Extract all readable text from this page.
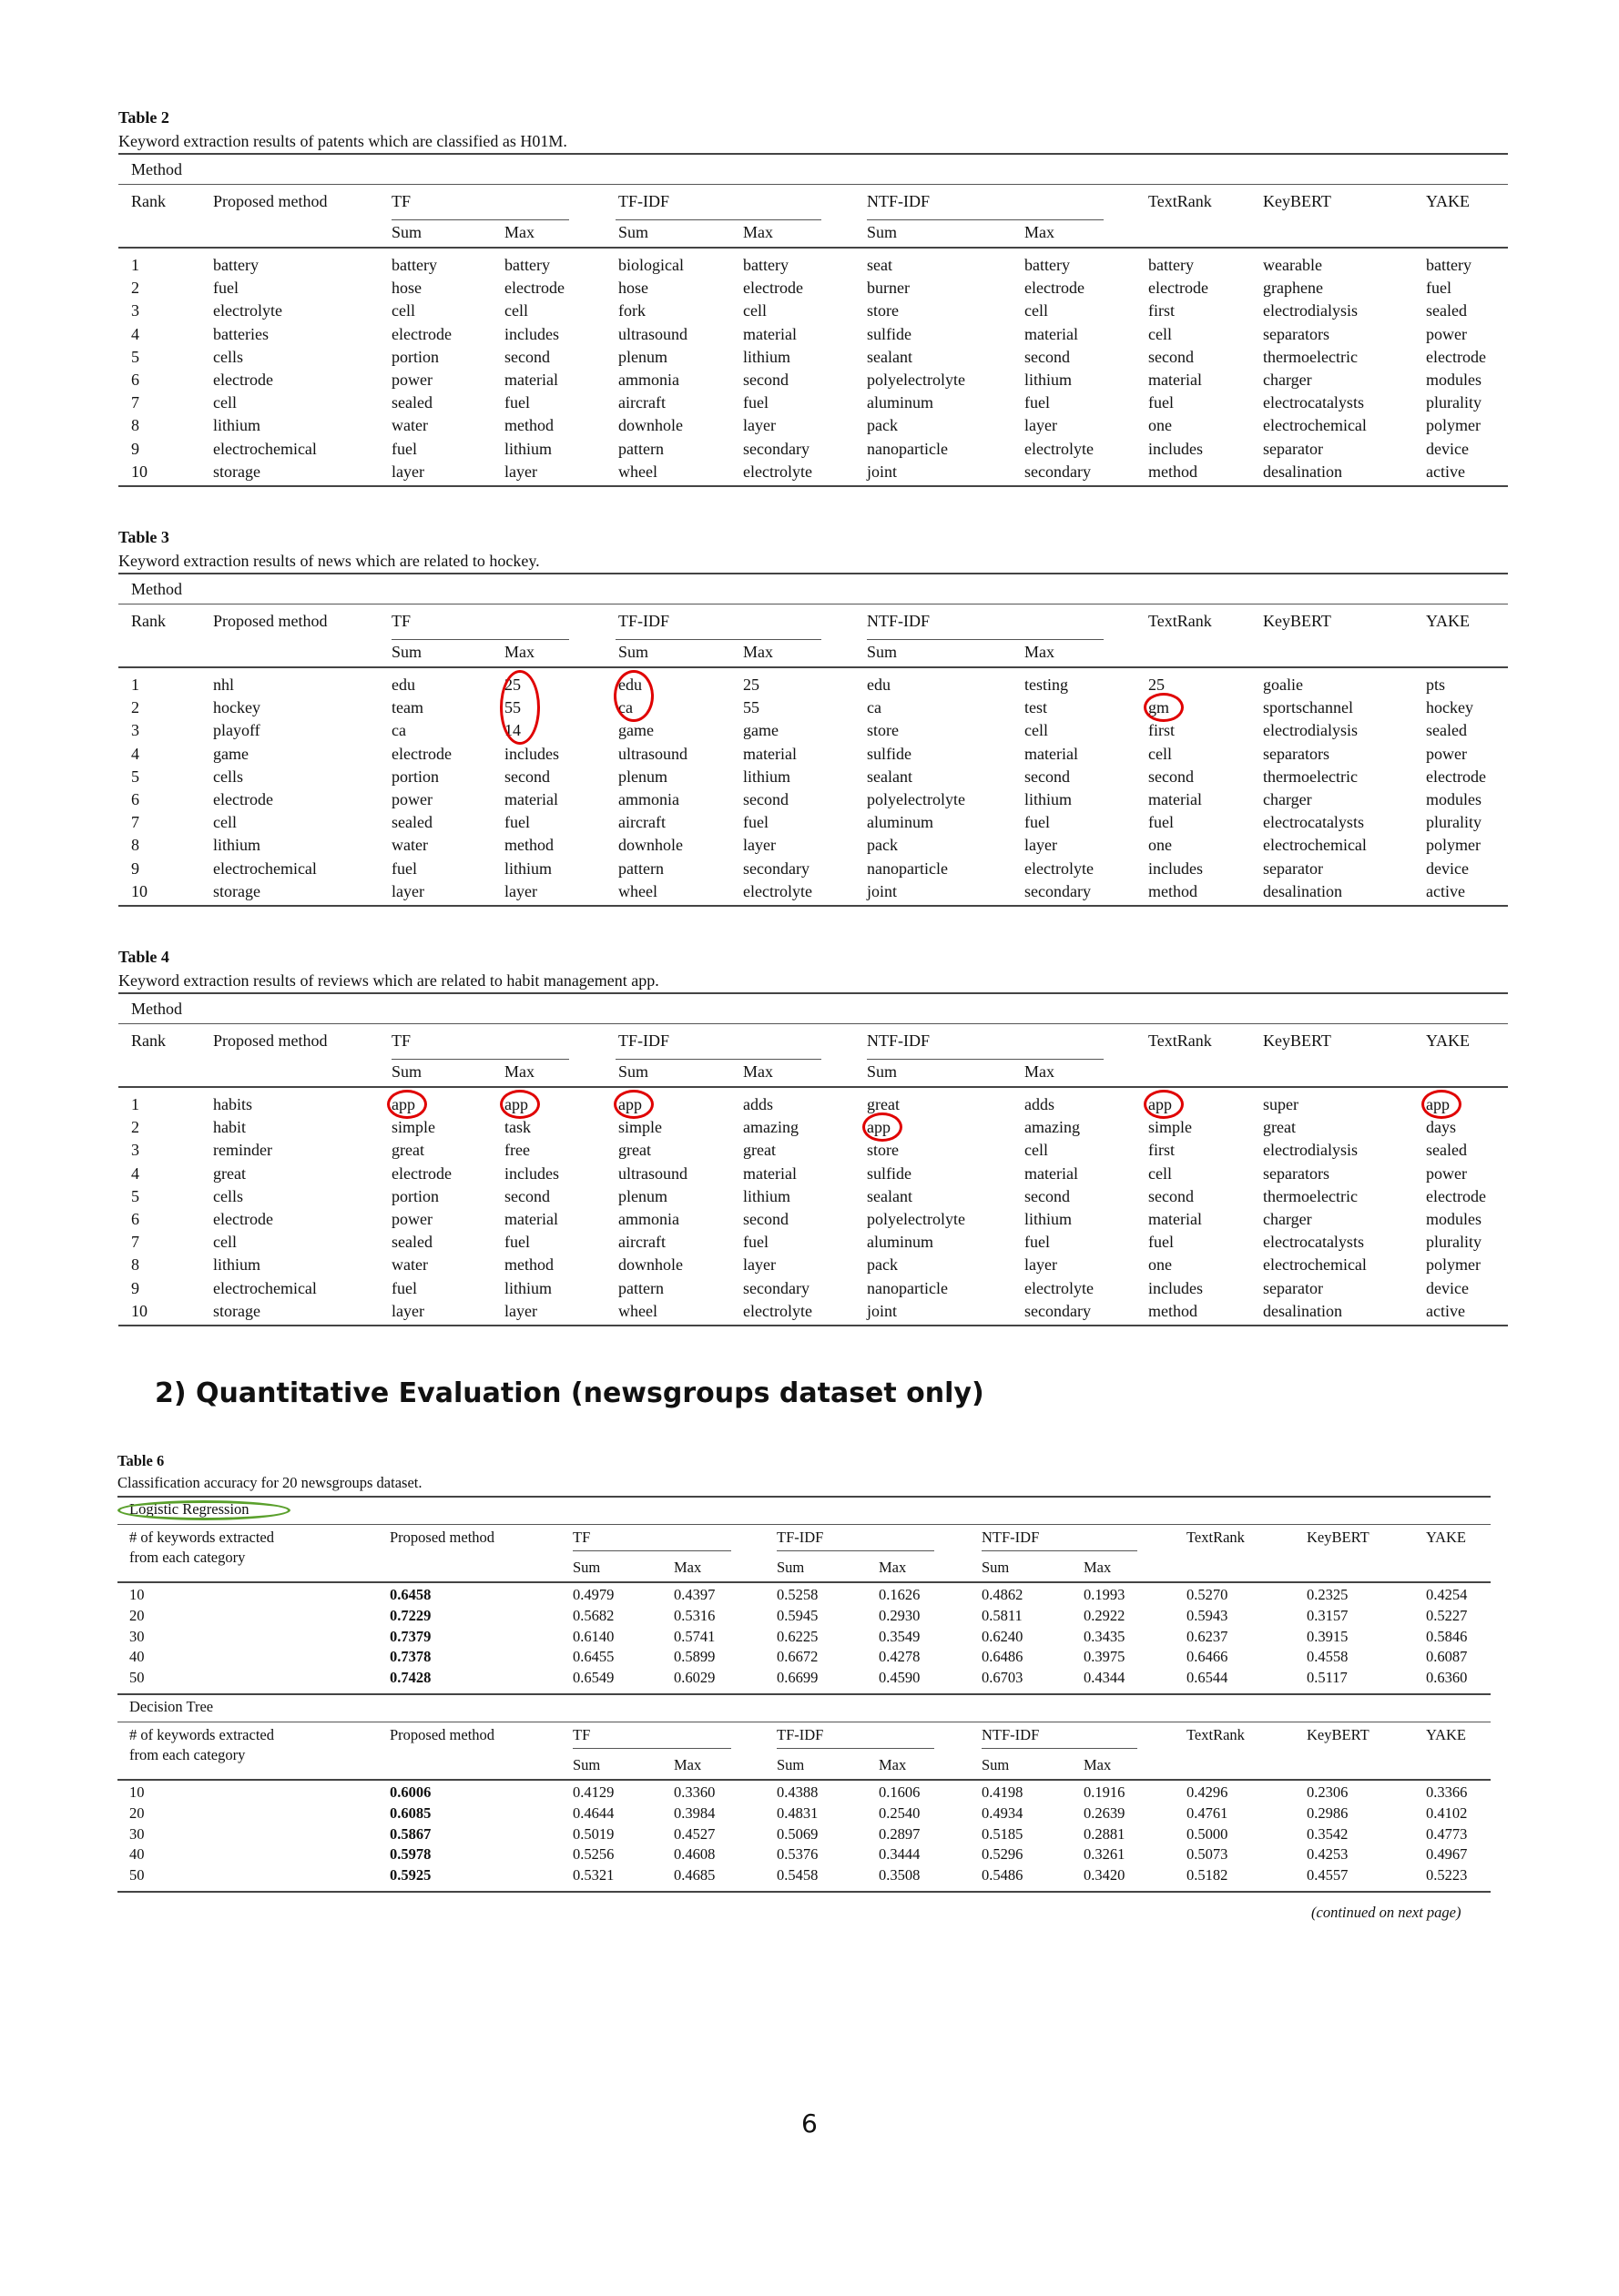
Table 2
Keyword extraction results of patents which are classified as H01M.
Method
Rank	Proposed method	TF	TF-IDF	NTF-IDF	TextRank	KeyBERT	YAKE
Sum	Max	Sum	Max	Sum	Max
1	battery	battery	battery	biological	battery	seat	battery	battery	wearable	battery
2	fuel	hose	electrode	hose	electrode	burner	electrode	electrode	graphene	fuel
3	electrolyte	cell	cell	fork	cell	store	cell	first	electrodialysis	sealed
4	batteries	electrode	includes	ultrasound	material	sulfide	material	cell	separators	power
5	cells	portion	second	plenum	lithium	sealant	second	second	thermoelectric	electrode
6	electrode	power	material	ammonia	second	polyelectrolyte	lithium	material	charger	modules
7	cell	sealed	fuel	aircraft	fuel	aluminum	fuel	fuel	electrocatalysts	plurality
8	lithium	water	method	downhole	layer	pack	layer	one	electrochemical	polymer
9	electrochemical	fuel	lithium	pattern	secondary	nanoparticle	electrolyte	includes	separator	device
10	storage	layer	layer	wheel	electrolyte	joint	secondary	method	desalination	active
Table 3
Keyword extraction results of news which are related to hockey.
Method
Rank	Proposed method	TF	TF-IDF	NTF-IDF	TextRank	KeyBERT	YAKE
Sum	Max	Sum	Max	Sum	Max
1	nhl	edu	25	edu	25	edu	testing	25	goalie	pts
2	hockey	team	55	ca	55	ca	test	gm	sportschannel	hockey
3	playoff	ca	14	game	game	store	cell	first	electrodialysis	sealed
4	game	electrode	includes	ultrasound	material	sulfide	material	cell	separators	power
5	cells	portion	second	plenum	lithium	sealant	second	second	thermoelectric	electrode
6	electrode	power	material	ammonia	second	polyelectrolyte	lithium	material	charger	modules
7	cell	sealed	fuel	aircraft	fuel	aluminum	fuel	fuel	electrocatalysts	plurality
8	lithium	water	method	downhole	layer	pack	layer	one	electrochemical	polymer
9	electrochemical	fuel	lithium	pattern	secondary	nanoparticle	electrolyte	includes	separator	device
10	storage	layer	layer	wheel	electrolyte	joint	secondary	method	desalination	active
Table 4
Keyword extraction results of reviews which are related to habit management app.
Method
Rank	Proposed method	TF	TF-IDF	NTF-IDF	TextRank	KeyBERT	YAKE
Sum	Max	Sum	Max	Sum	Max
1	habits	app	app	app	adds	great	adds	app	super	app
2	habit	simple	task	simple	amazing	app	amazing	simple	great	days
3	reminder	great	free	great	great	store	cell	first	electrodialysis	sealed
4	great	electrode	includes	ultrasound	material	sulfide	material	cell	separators	power
5	cells	portion	second	plenum	lithium	sealant	second	second	thermoelectric	electrode
6	electrode	power	material	ammonia	second	polyelectrolyte	lithium	material	charger	modules
7	cell	sealed	fuel	aircraft	fuel	aluminum	fuel	fuel	electrocatalysts	plurality
8	lithium	water	method	downhole	layer	pack	layer	one	electrochemical	polymer
9	electrochemical	fuel	lithium	pattern	secondary	nanoparticle	electrolyte	includes	separator	device
10	storage	layer	layer	wheel	electrolyte	joint	secondary	method	desalination	active
Table 6
Classification accuracy for 20 newsgroups dataset.
Logistic Regression
# of keywords extracted	Proposed method	TF	TF-IDF	NTF-IDF	TextRank	KeyBERT	YAKE
from each category
Sum	Max	Sum	Max	Sum	Max
10	0.6458	0.4979	0.4397	0.5258	0.1626	0.4862	0.1993	0.5270	0.2325	0.4254
20	0.7229	0.5682	0.5316	0.5945	0.2930	0.5811	0.2922	0.5943	0.3157	0.5227
30	0.7379	0.6140	0.5741	0.6225	0.3549	0.6240	0.3435	0.6237	0.3915	0.5846
40	0.7378	0.6455	0.5899	0.6672	0.4278	0.6486	0.3975	0.6466	0.4558	0.6087
50	0.7428	0.6549	0.6029	0.6699	0.4590	0.6703	0.4344	0.6544	0.5117	0.6360
Decision Tree
# of keywords extracted	Proposed method	TF	TF-IDF	NTF-IDF	TextRank	KeyBERT	YAKE
from each category
Sum	Max	Sum	Max	Sum	Max
10	0.6006	0.4129	0.3360	0.4388	0.1606	0.4198	0.1916	0.4296	0.2306	0.3366
20	0.6085	0.4644	0.3984	0.4831	0.2540	0.4934	0.2639	0.4761	0.2986	0.4102
30	0.5867	0.5019	0.4527	0.5069	0.2897	0.5185	0.2881	0.5000	0.3542	0.4773
40	0.5978	0.5256	0.4608	0.5376	0.3444	0.5296	0.3261	0.5073	0.4253	0.4967
50	0.5925	0.5321	0.4685	0.5458	0.3508	0.5486	0.3420	0.5182	0.4557	0.5223
(continued on next page)
2) Quantitative Evaluation (newsgroups dataset only)
6
